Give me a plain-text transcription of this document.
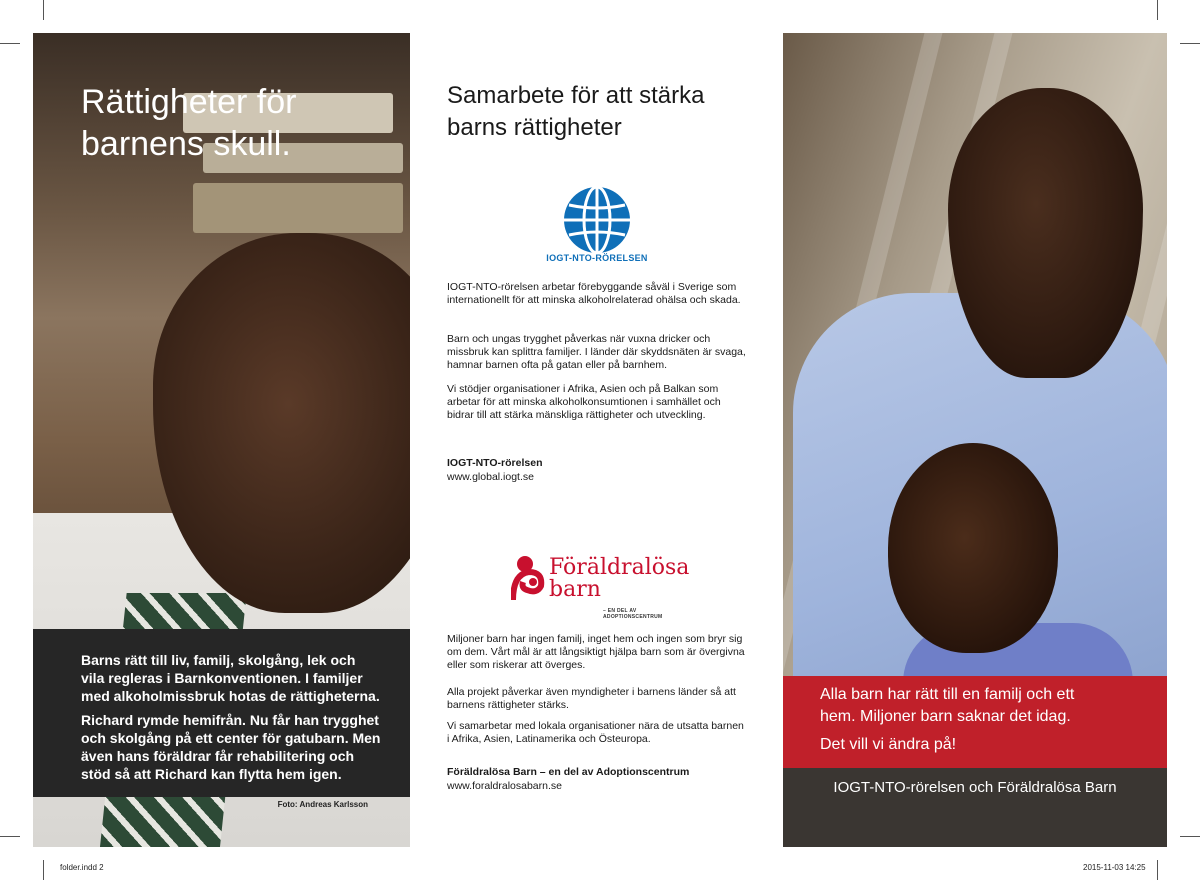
Rättigheter för
barnens skull.

Barns rätt till liv, familj, skolgång, lek och vila regleras i Barnkonventionen. I familjer med alkoholmissbruk hotas de rättigheterna.

Richard rymde hemifrån. Nu får han trygghet och skolgång på ett center för gatubarn. Men även hans föräldrar får rehabilitering och stöd så att Richard kan flytta hem igen.

Foto: Andreas Karlsson
Samarbete för att stärka
barns rättigheter
IOGT-NTO-RÖRELSEN

IOGT-NTO-rörelsen arbetar förebyggande såväl i Sverige som internationellt för att minska alkoholrelaterad ohälsa och skada.

Barn och ungas trygghet påverkas när vuxna dricker och missbruk kan splittra familjer. I länder där skyddsnäten är svaga, hamnar barnen ofta på gatan eller på barnhem.

Vi stödjer organisationer i Afrika, Asien och på Balkan som arbetar för att minska alkoholkonsumtionen i samhället och bidrar till att stärka mänskliga rättigheter och utveckling.

IOGT-NTO-rörelsen

www.global.iogt.se

Föräldralösa
barn
– EN DEL AV ADOPTIONSCENTRUM

Miljoner barn har ingen familj, inget hem och ingen som bryr sig om dem. Vårt mål är att långsiktigt hjälpa barn som är övergivna eller som riskerar att överges.

Alla projekt påverkar även myndigheter i barnens länder så att barnens rättigheter stärks.

Vi samarbetar med lokala organisationer nära de utsatta barnen i Afrika, Asien, Latinamerika och Östeuropa.

Föräldralösa Barn – en del av Adoptionscentrum

www.foraldralosabarn.se

Alla barn har rätt till en familj och ett

hem. Miljoner barn saknar det idag.

Det vill vi ändra på!

IOGT-NTO-rörelsen och Föräldralösa Barn
folder.indd 2	2015-11-03 14:25
